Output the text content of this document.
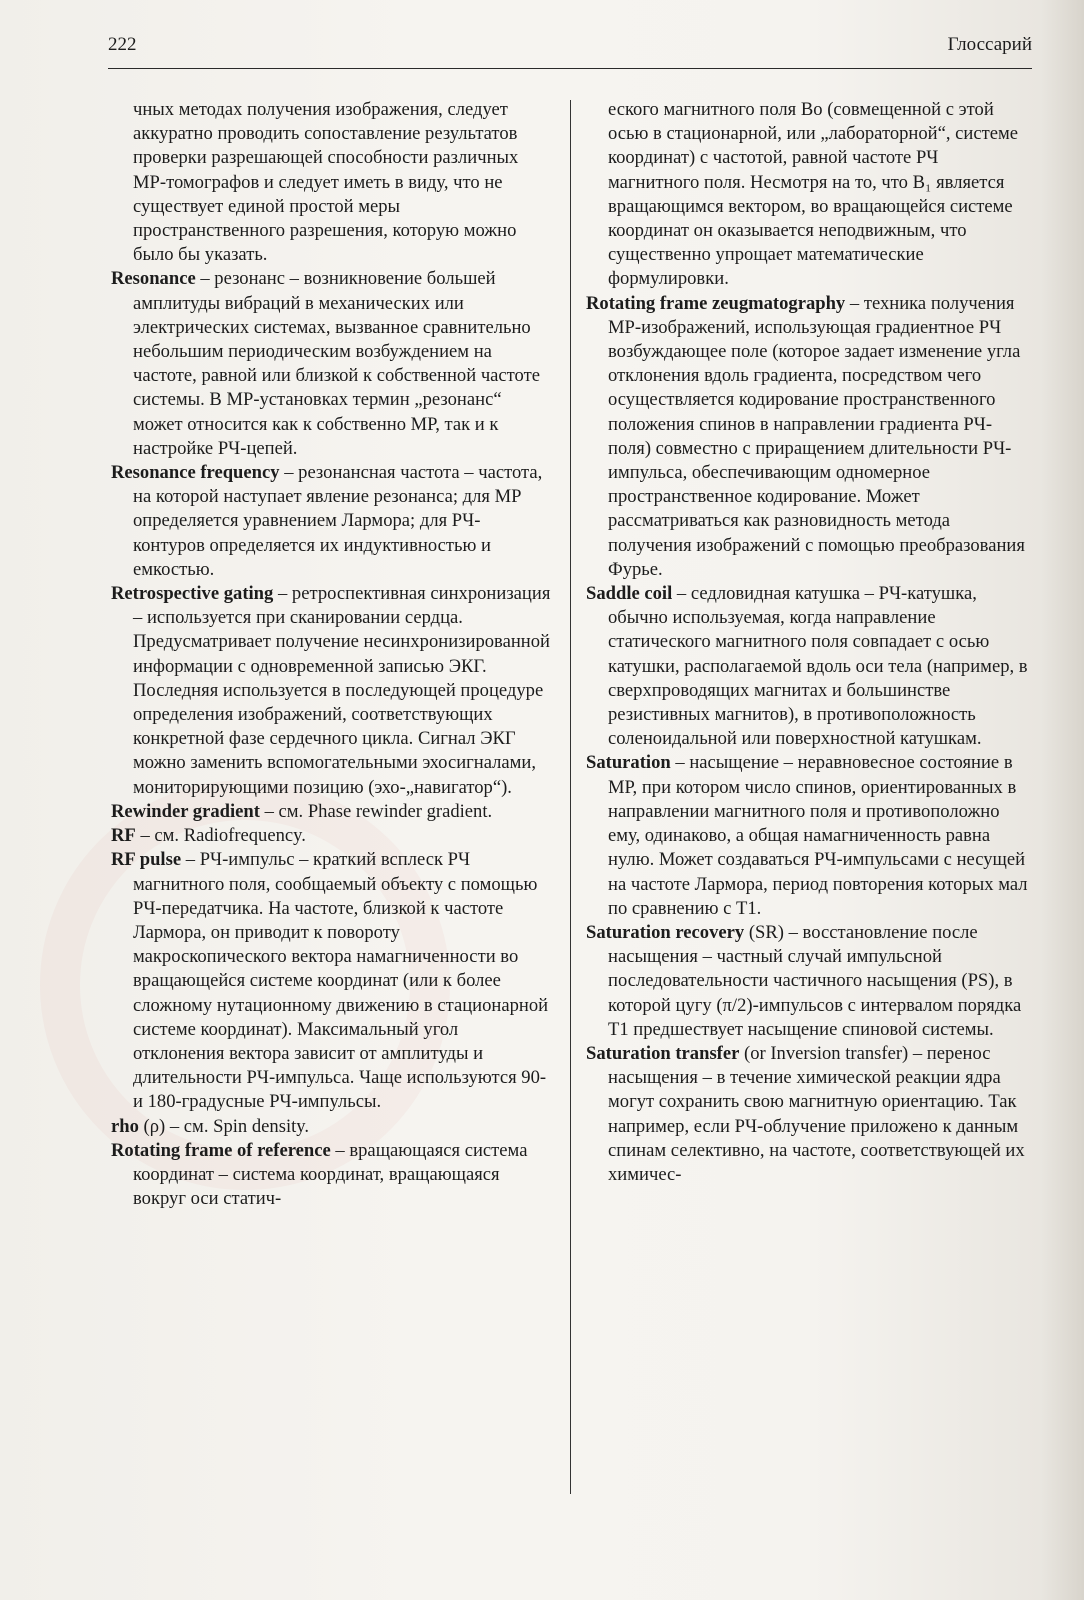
222	Глоссарий

чных методах получения изображения, следует аккуратно проводить сопоставление результатов проверки разрешающей способности различных МР-томографов и следует иметь в виду, что не существует единой простой меры пространственного разрешения, которую можно было бы указать.

Resonance – резонанс – возникновение большей амплитуды вибраций в механических или электрических системах, вызванное сравнительно небольшим периодическим возбуждением на частоте, равной или близкой к собственной частоте системы. В МР-установках термин „резонанс“ может относится как к собственно МР, так и к настройке РЧ-цепей.

Resonance frequency – резонансная частота – частота, на которой наступает явление резонанса; для МР определяется уравнением Лармора; для РЧ-контуров определяется их индуктивностью и емкостью.

Retrospective gating – ретроспективная синхронизация – используется при сканировании сердца. Предусматривает получение несинхронизированной информации с одновременной записью ЭКГ. Последняя используется в последующей процедуре определения изображений, соответствующих конкретной фазе сердечного цикла. Сигнал ЭКГ можно заменить вспомогательными эхосигналами, мониторирующими позицию (эхо-„навигатор“).

Rewinder gradient – см. Phase rewinder gradient.

RF – см. Radiofrequency.

RF pulse – РЧ-импульс – краткий всплеск РЧ магнитного поля, сообщаемый объекту с помощью РЧ-передатчика. На частоте, близкой к частоте Лармора, он приводит к повороту макроскопического вектора намагниченности во вращающейся системе координат (или к более сложному нутационному движению в стационарной системе координат). Максимальный угол отклонения вектора зависит от амплитуды и длительности РЧ-импульса. Чаще используются 90- и 180-градусные РЧ-импульсы.

rho (ρ) – см. Spin density.

Rotating frame of reference – вращающаяся система координат – система координат, вращающаяся вокруг оси статич-

еского магнитного поля Bo (совмещенной с этой осью в стационарной, или „лабораторной“, системе координат) с частотой, равной частоте РЧ магнитного поля. Несмотря на то, что B₁ является вращающимся вектором, во вращающейся системе координат он оказывается неподвижным, что существенно упрощает математические формулировки.

Rotating frame zeugmatography – техника получения МР-изображений, использующая градиентное РЧ возбуждающее поле (которое задает изменение угла отклонения вдоль градиента, посредством чего осуществляется кодирование пространственного положения спинов в направлении градиента РЧ-поля) совместно с приращением длительности РЧ-импульса, обеспечивающим одномерное пространственное кодирование. Может рассматриваться как разновидность метода получения изображений с помощью преобразования Фурье.

Saddle coil – седловидная катушка – РЧ-катушка, обычно используемая, когда направление статического магнитного поля совпадает с осью катушки, располагаемой вдоль оси тела (например, в сверхпроводящих магнитах и большинстве резистивных магнитов), в противоположность соленоидальной или поверхностной катушкам.

Saturation – насыщение – неравновесное состояние в МР, при котором число спинов, ориентированных в направлении магнитного поля и противоположно ему, одинаково, а общая намагниченность равна нулю. Может создаваться РЧ-импульсами с несущей на частоте Лармора, период повторения которых мал по сравнению с Т1.

Saturation recovery (SR) – восстановление после насыщения – частный случай импульсной последовательности частичного насыщения (PS), в которой цугу (π/2)-импульсов с интервалом порядка Т1 предшествует насыщение спиновой системы.

Saturation transfer (or Inversion transfer) – перенос насыщения – в течение химической реакции ядра могут сохранить свою магнитную ориентацию. Так например, если РЧ-облучение приложено к данным спинам селективно, на частоте, соответствующей их химичес-
